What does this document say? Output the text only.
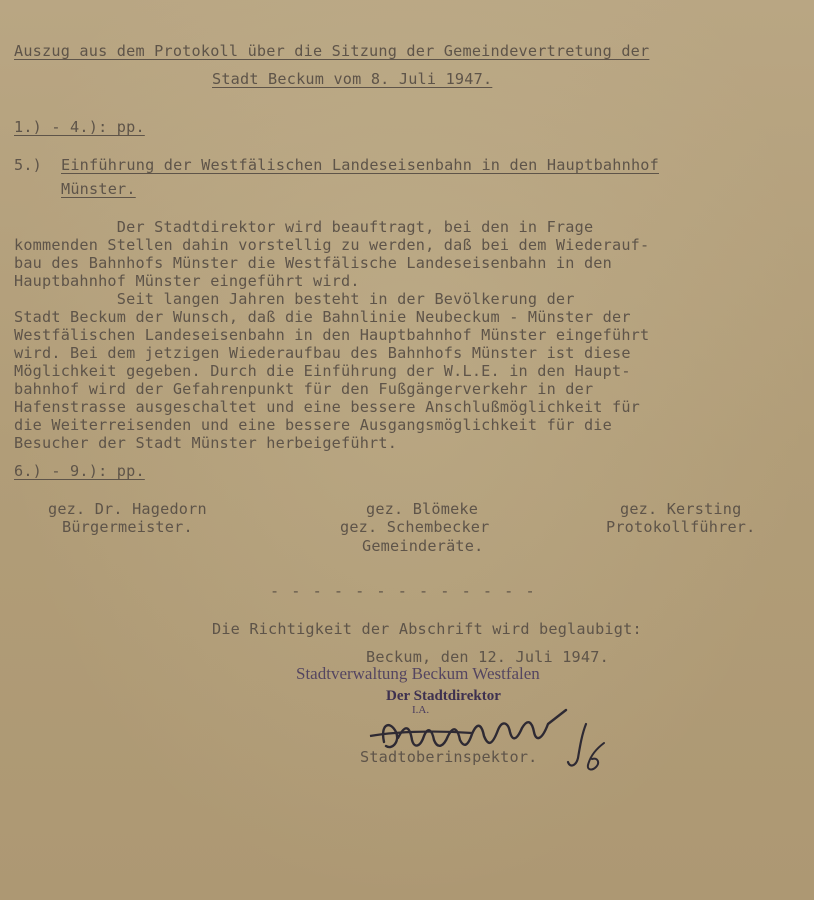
Auszug aus dem Protokoll über die Sitzung der Gemeindevertretung der
Stadt Beckum vom 8. Juli 1947.
1.) - 4.): pp.
5.) Einführung der Westfälischen Landeseisenbahn in den Hauptbahnhof
Münster.
Der Stadtdirektor wird beauftragt, bei den in Frage
kommenden Stellen dahin vorstellig zu werden, daß bei dem Wiederauf-
bau des Bahnhofs Münster die Westfälische Landeseisenbahn in den
Hauptbahnhof Münster eingeführt wird.
Seit langen Jahren besteht in der Bevölkerung der
Stadt Beckum der Wunsch, daß die Bahnlinie Neubeckum - Münster der
Westfälischen Landeseisenbahn in den Hauptbahnhof Münster eingeführt
wird. Bei dem jetzigen Wiederaufbau des Bahnhofs Münster ist diese
Möglichkeit gegeben. Durch die Einführung der W.L.E. in den Haupt-
bahnhof wird der Gefahrenpunkt für den Fußgängerverkehr in der
Hafenstrasse ausgeschaltet und eine bessere Anschlußmöglichkeit für
die Weiterreisenden und eine bessere Ausgangsmöglichkeit für die
Besucher der Stadt Münster herbeigeführt.
6.) - 9.): pp.
gez. Dr. Hagedorn
Bürgermeister.
gez. Blömeke
gez. Schembecker
Gemeinderäte.
gez. Kersting
Protokollführer.
- - - - - - - - - - - - -
Die Richtigkeit der Abschrift wird beglaubigt:
Beckum, den 12. Juli 1947.
Stadtverwaltung Beckum Westfalen
Der Stadtdirektor
I.A.
Stadtoberinspektor.
